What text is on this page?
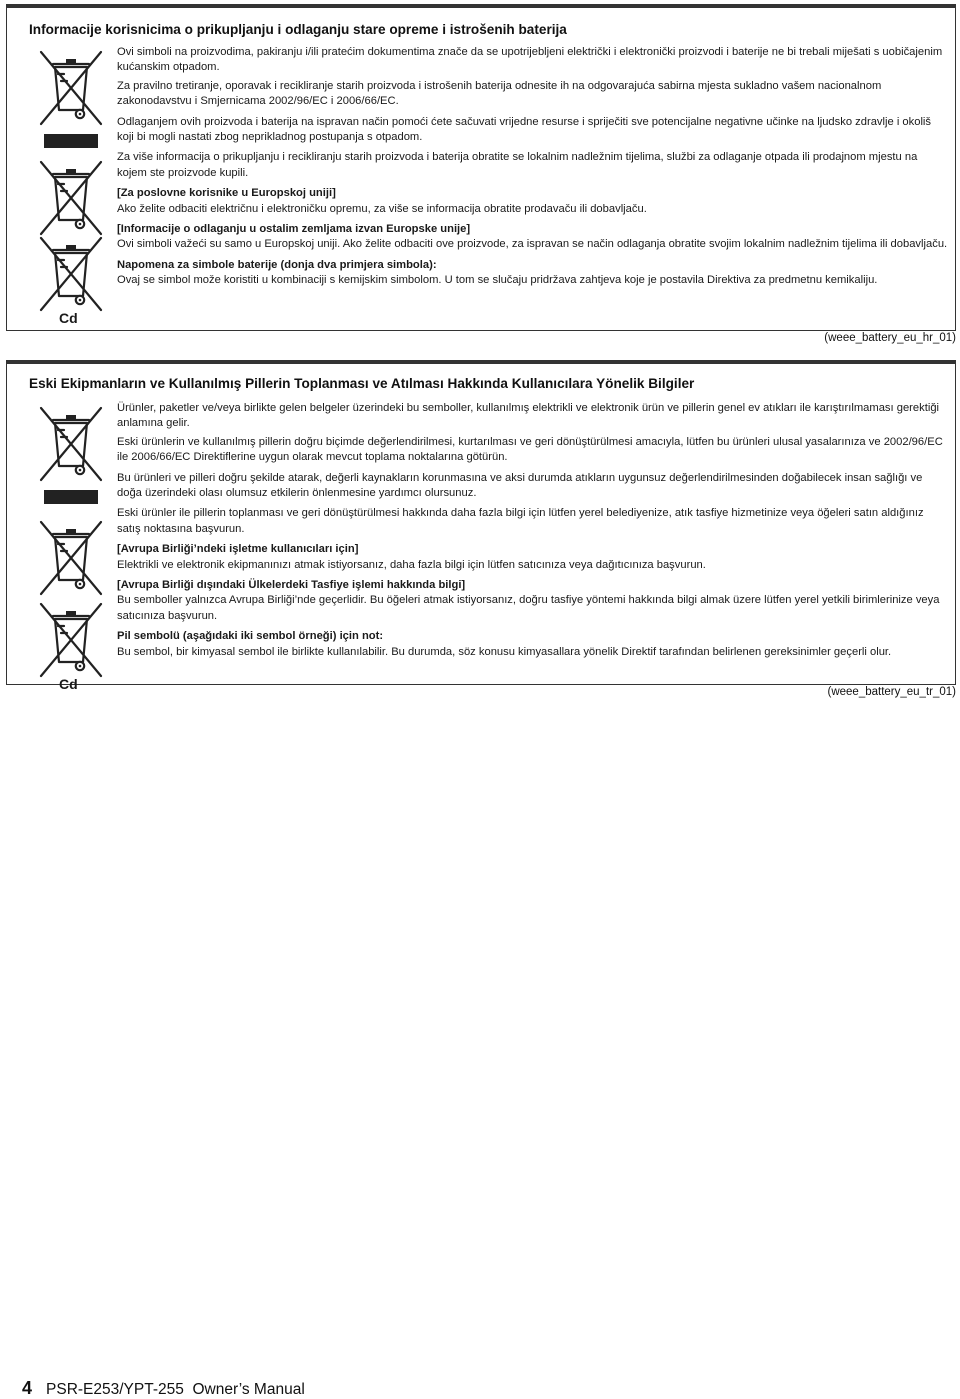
Informacije korisnicima o prikupljanju i odlaganju stare opreme i istrošenih baterija
Cd

Ovi simboli na proizvodima, pakiranju i/ili pratećim dokumentima znače da se upotrijebljeni električki i elektronički proizvodi i baterije ne bi trebali miješati s uobičajenim kućanskim otpadom.

Za pravilno tretiranje, oporavak i recikliranje starih proizvoda i istrošenih baterija odnesite ih na odgovarajuća sabirna mjesta sukladno vašem nacionalnom zakonodavstvu i Smjernicama 2002/96/EC i 2006/66/EC.

Odlaganjem ovih proizvoda i baterija na ispravan način pomoći ćete sačuvati vrijedne resurse i spriječiti sve potencijalne negativne učinke na ljudsko zdravlje i okoliš koji bi mogli nastati zbog neprikladnog postupanja s otpadom.

Za više informacija o prikupljanju i recikliranju starih proizvoda i baterija obratite se lokalnim nadležnim tijelima, službi za odlaganje otpada ili prodajnom mjestu na kojem ste proizvode kupili.

[Za poslovne korisnike u Europskoj uniji]
Ako želite odbaciti električnu i elektroničku opremu, za više se informacija obratite prodavaču ili dobavljaču.

[Informacije o odlaganju u ostalim zemljama izvan Europske unije]
Ovi simboli važeći su samo u Europskoj uniji. Ako želite odbaciti ove proizvode, za ispravan se način odlaganja obratite svojim lokalnim nadležnim tijelima ili dobavljaču.

Napomena za simbole baterije (donja dva primjera simbola):
Ovaj se simbol može koristiti u kombinaciji s kemijskim simbolom. U tom se slučaju pridržava zahtjeva koje je postavila Direktiva za predmetnu kemikaliju.

(weee_battery_eu_hr_01)
Eski Ekipmanların ve Kullanılmış Pillerin Toplanması ve Atılması Hakkında Kullanıcılara Yönelik Bilgiler
Cd

Ürünler, paketler ve/veya birlikte gelen belgeler üzerindeki bu semboller, kullanılmış elektrikli ve elektronik ürün ve pillerin genel ev atıkları ile karıştırılmaması gerektiği anlamına gelir.

Eski ürünlerin ve kullanılmış pillerin doğru biçimde değerlendirilmesi, kurtarılması ve geri dönüştürülmesi amacıyla, lütfen bu ürünleri ulusal yasalarınıza ve 2002/96/EC ile 2006/66/EC Direktiflerine uygun olarak mevcut toplama noktalarına götürün.

Bu ürünleri ve pilleri doğru şekilde atarak, değerli kaynakların korunmasına ve aksi durumda atıkların uygunsuz değerlendirilmesinden doğabilecek insan sağlığı ve doğa üzerindeki olası olumsuz etkilerin önlenmesine yardımcı olursunuz.

Eski ürünler ile pillerin toplanması ve geri dönüştürülmesi hakkında daha fazla bilgi için lütfen yerel belediyenize, atık tasfiye hizmetinize veya öğeleri satın aldığınız satış noktasına başvurun.

[Avrupa Birliği’ndeki işletme kullanıcıları için]
Elektrikli ve elektronik ekipmanınızı atmak istiyorsanız, daha fazla bilgi için lütfen satıcınıza veya dağıtıcınıza başvurun.

[Avrupa Birliği dışındaki Ülkelerdeki Tasfiye işlemi hakkında bilgi]
Bu semboller yalnızca Avrupa Birliği’nde geçerlidir. Bu öğeleri atmak istiyorsanız, doğru tasfiye yöntemi hakkında bilgi almak üzere lütfen yerel yetkili birimlerinize veya satıcınıza başvurun.

Pil sembolü (aşağıdaki iki sembol örneği) için not:
Bu sembol, bir kimyasal sembol ile birlikte kullanılabilir. Bu durumda, söz konusu kimyasallara yönelik Direktif tarafından belirlenen gereksinimler geçerli olur.

(weee_battery_eu_tr_01)
4 PSR-E253/YPT-255  Owner’s Manual
